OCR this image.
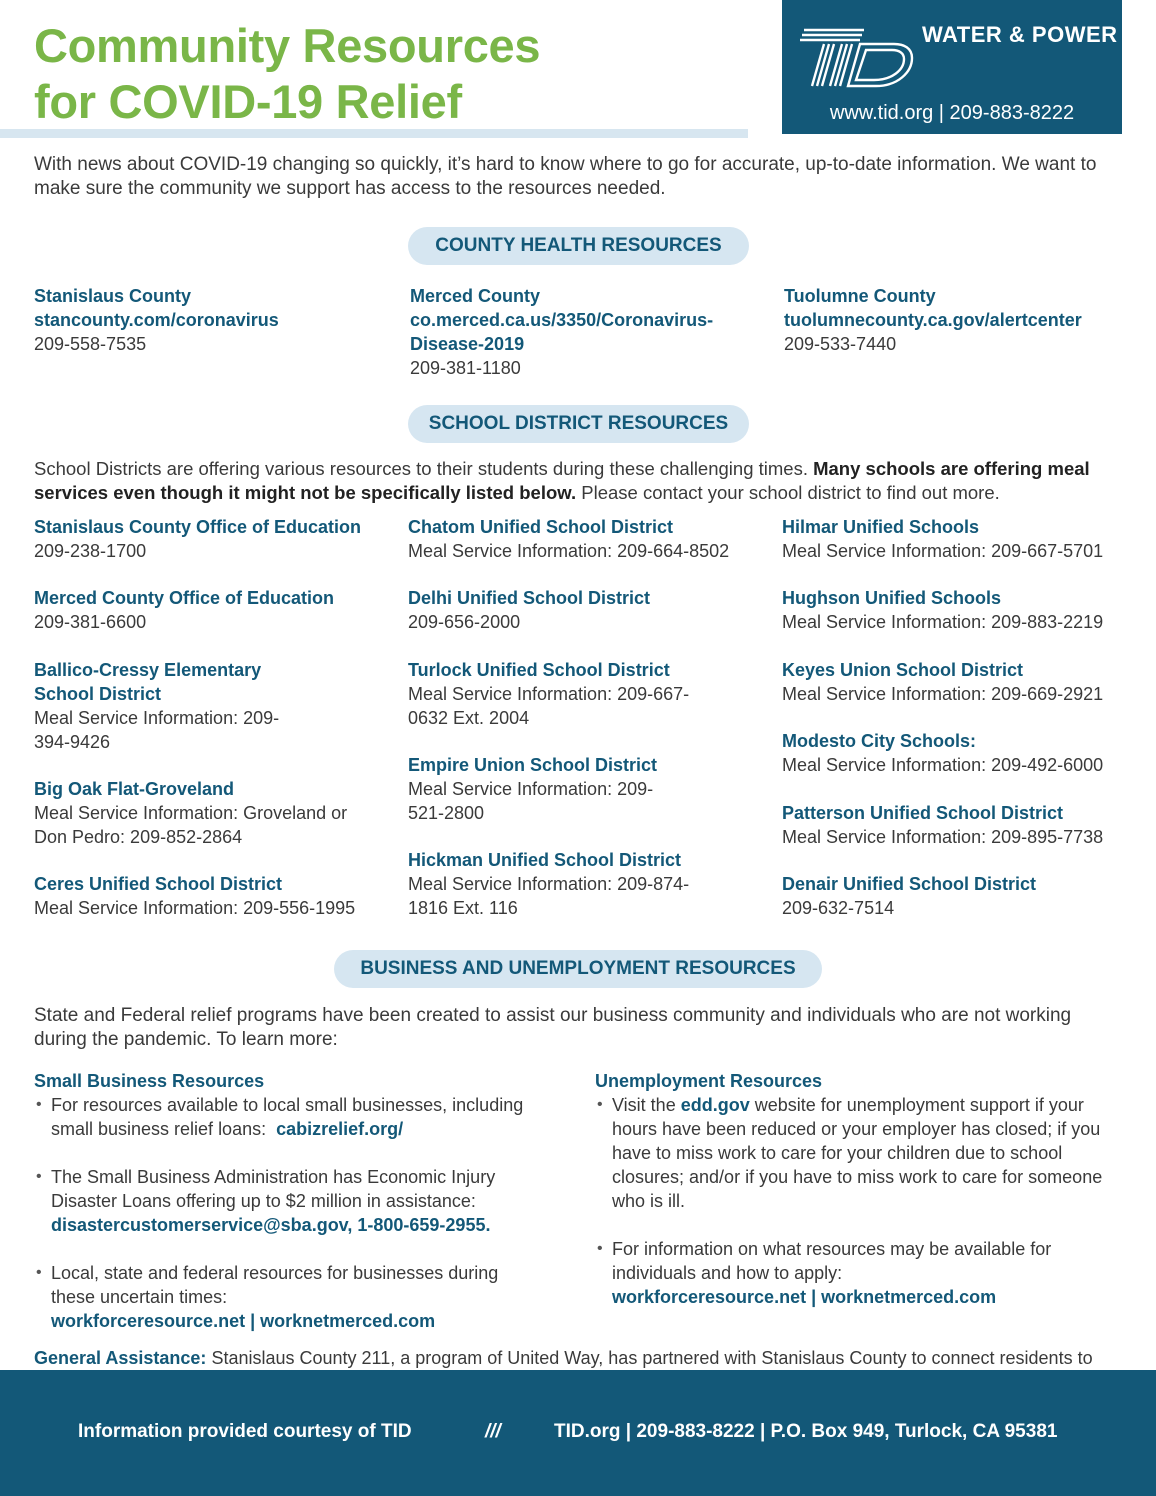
Community Resources
for COVID-19 Relief
WATER & POWER
www.tid.org | 209-883-8222

With news about COVID-19 changing so quickly, it’s hard to know where to go for accurate, up-to-date information. We want to make sure the community we support has access to the resources needed.

COUNTY HEALTH RESOURCES
Stanislaus County
stancounty.com/coronavirus
209-558-7535
Merced County
co.merced.ca.us/3350/Coronavirus-Disease-2019
209-381-1180
Tuolumne County
tuolumnecounty.ca.gov/alertcenter
209-533-7440
SCHOOL DISTRICT RESOURCES

School Districts are offering various resources to their students during these challenging times. Many schools are offering meal services even though it might not be specifically listed below. Please contact your school district to find out more.

Stanislaus County Office of Education
209-238-1700
Merced County Office of Education
209-381-6600
Ballico-Cressy Elementary School District
Meal Service Information: 209-394-9426
Big Oak Flat-Groveland
Meal Service Information: Groveland or Don Pedro: 209-852-2864
Ceres Unified School District
Meal Service Information: 209-556-1995
Chatom Unified School District
Meal Service Information: 209-664-8502
Delhi Unified School District
209-656-2000
Turlock Unified School District
Meal Service Information: 209-667-0632 Ext. 2004
Empire Union School District
Meal Service Information: 209-521-2800
Hickman Unified School District
Meal Service Information: 209-874-1816 Ext. 116
Hilmar Unified Schools
Meal Service Information: 209-667-5701
Hughson Unified Schools
Meal Service Information: 209-883-2219
Keyes Union School District
Meal Service Information: 209-669-2921
Modesto City Schools:
Meal Service Information: 209-492-6000
Patterson Unified School District
Meal Service Information: 209-895-7738
Denair Unified School District
209-632-7514
BUSINESS AND UNEMPLOYMENT RESOURCES

State and Federal relief programs have been created to assist our business community and individuals who are not working during the pandemic. To learn more:

Small Business Resources
• For resources available to local small businesses, including small business relief loans: cabizrelief.org/
• The Small Business Administration has Economic Injury Disaster Loans offering up to $2 million in assistance:
disastercustomerservice@sba.gov, 1-800-659-2955.
• Local, state and federal resources for businesses during these uncertain times:
workforceresource.net | worknetmerced.com
Unemployment Resources
• Visit the edd.gov website for unemployment support if your hours have been reduced or your employer has closed; if you have to miss work to care for your children due to school closures; and/or if you have to miss work to care for someone who is ill.
• For information on what resources may be available for individuals and how to apply:
workforceresource.net | worknetmerced.com
General Assistance: Stanislaus County 211, a program of United Way, has partnered with Stanislaus County to connect residents to

Information provided courtesy of TID	///	TID.org | 209-883-8222 | P.O. Box 949, Turlock, CA 95381
